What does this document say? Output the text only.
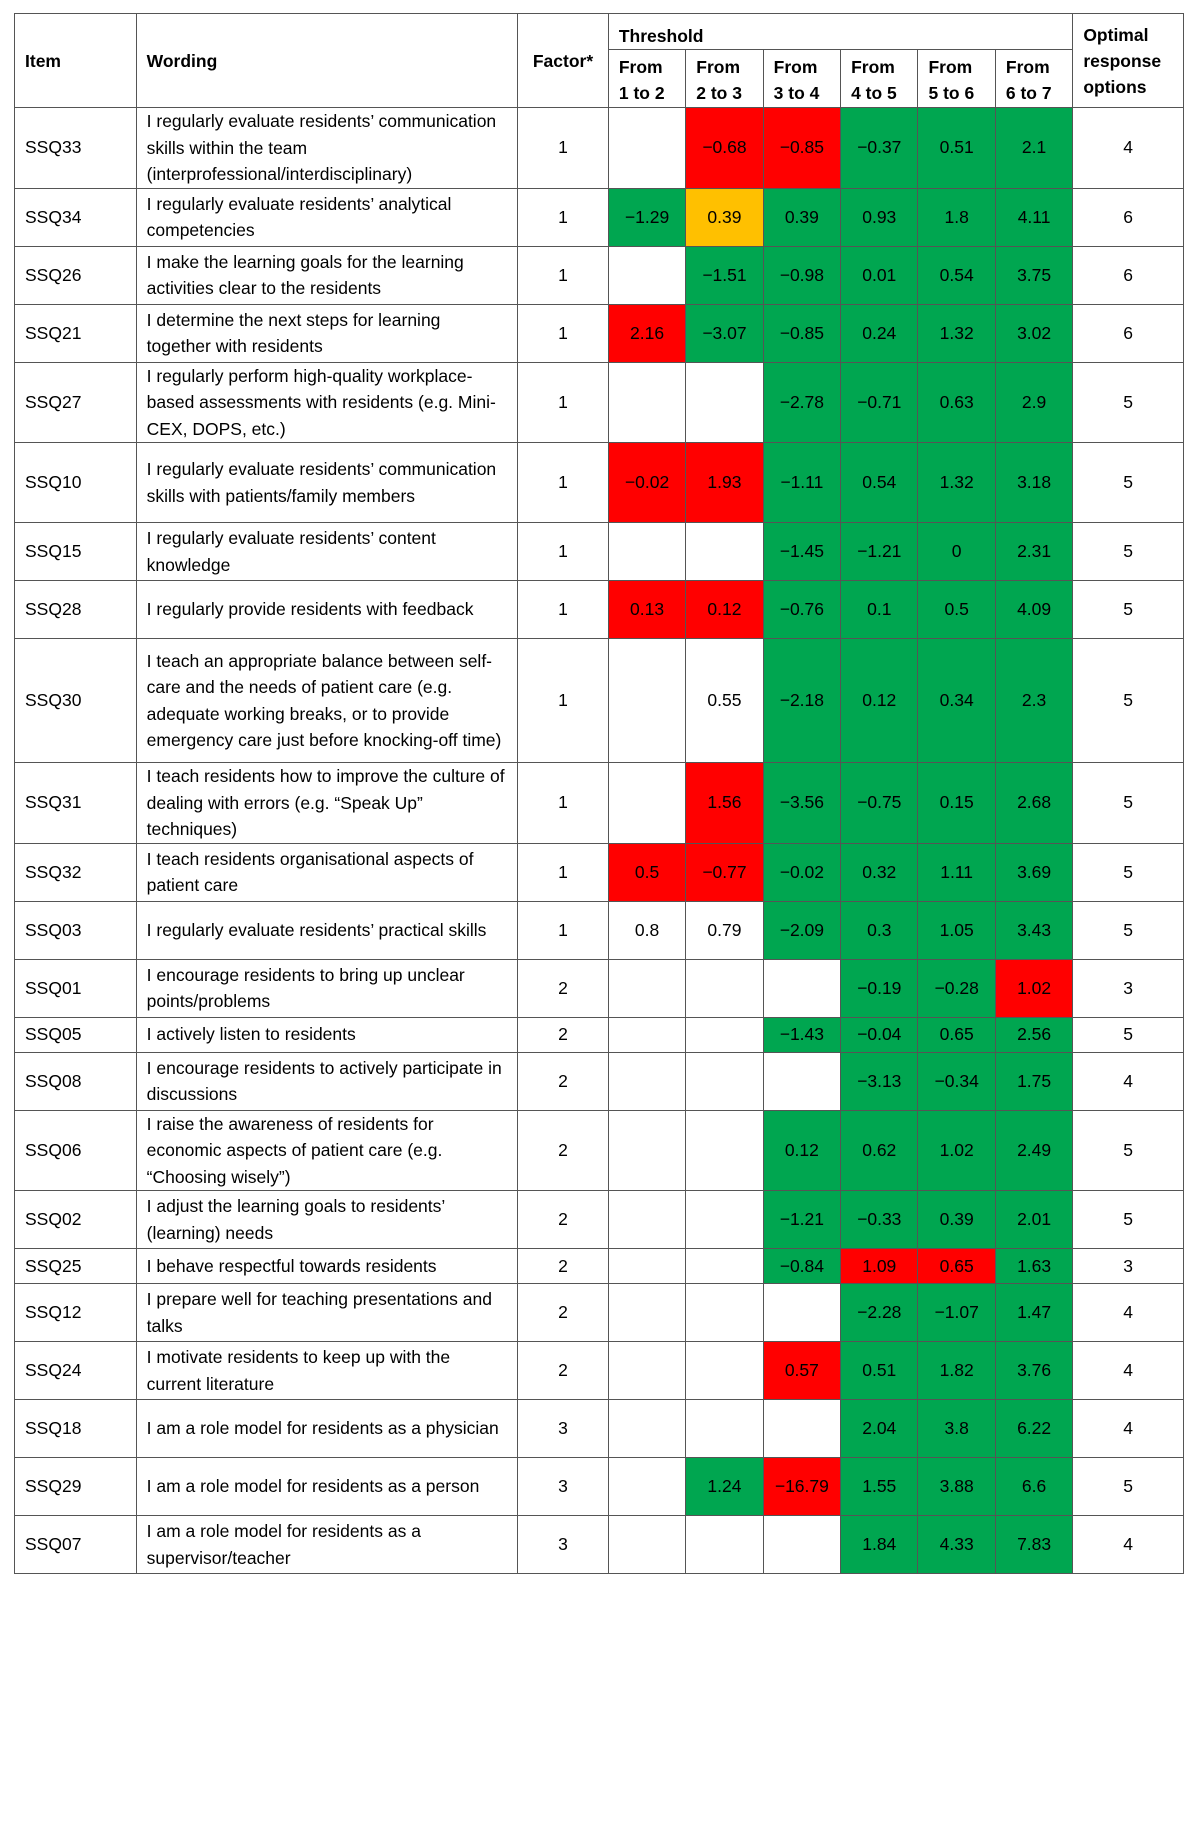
Item	Wording	Factor*	Threshold						Optimal response options

			From 1 to 2	From 2 to 3	From 3 to 4	From 4 to 5	From 5 to 6	From 6 to 7	
SSQ33	I regularly evaluate residents’ communication skills within the team (interprofessional/interdisciplinary)	1		−0.68	−0.85	−0.37	0.51	2.1	4
SSQ34	I regularly evaluate residents’ analytical competencies	1	−1.29	0.39	0.39	0.93	1.8	4.11	6
SSQ26	I make the learning goals for the learning activities clear to the residents	1		−1.51	−0.98	0.01	0.54	3.75	6
SSQ21	I determine the next steps for learning together with residents	1	2.16	−3.07	−0.85	0.24	1.32	3.02	6
SSQ27	I regularly perform high-quality workplace-based assessments with residents (e.g. Mini-CEX, DOPS, etc.)	1			−2.78	−0.71	0.63	2.9	5
SSQ10	I regularly evaluate residents’ communication skills with patients/family members	1	−0.02	1.93	−1.11	0.54	1.32	3.18	5
SSQ15	I regularly evaluate residents’ content knowledge	1			−1.45	−1.21	0	2.31	5
SSQ28	I regularly provide residents with feedback	1	0.13	0.12	−0.76	0.1	0.5	4.09	5
SSQ30	I teach an appropriate balance between self-care and the needs of patient care (e.g. adequate working breaks, or to provide emergency care just before knocking-off time)	1		0.55	−2.18	0.12	0.34	2.3	5
SSQ31	I teach residents how to improve the culture of dealing with errors (e.g. “Speak Up” techniques)	1		1.56	−3.56	−0.75	0.15	2.68	5
SSQ32	I teach residents organisational aspects of patient care	1	0.5	−0.77	−0.02	0.32	1.11	3.69	5
SSQ03	I regularly evaluate residents’ practical skills	1	0.8	0.79	−2.09	0.3	1.05	3.43	5
SSQ01	I encourage residents to bring up unclear points/problems	2				−0.19	−0.28	1.02	3
SSQ05	I actively listen to residents	2			−1.43	−0.04	0.65	2.56	5
SSQ08	I encourage residents to actively participate in discussions	2				−3.13	−0.34	1.75	4
SSQ06	I raise the awareness of residents for economic aspects of patient care (e.g. “Choosing wisely”)	2			0.12	0.62	1.02	2.49	5
SSQ02	I adjust the learning goals to residents’ (learning) needs	2			−1.21	−0.33	0.39	2.01	5
SSQ25	I behave respectful towards residents	2			−0.84	1.09	0.65	1.63	3
SSQ12	I prepare well for teaching presentations and talks	2				−2.28	−1.07	1.47	4
SSQ24	I motivate residents to keep up with the current literature	2			0.57	0.51	1.82	3.76	4
SSQ18	I am a role model for residents as a physician	3				2.04	3.8	6.22	4
SSQ29	I am a role model for residents as a person	3		1.24	−16.79	1.55	3.88	6.6	5
SSQ07	I am a role model for residents as a supervisor/teacher	3				1.84	4.33	7.83	4
